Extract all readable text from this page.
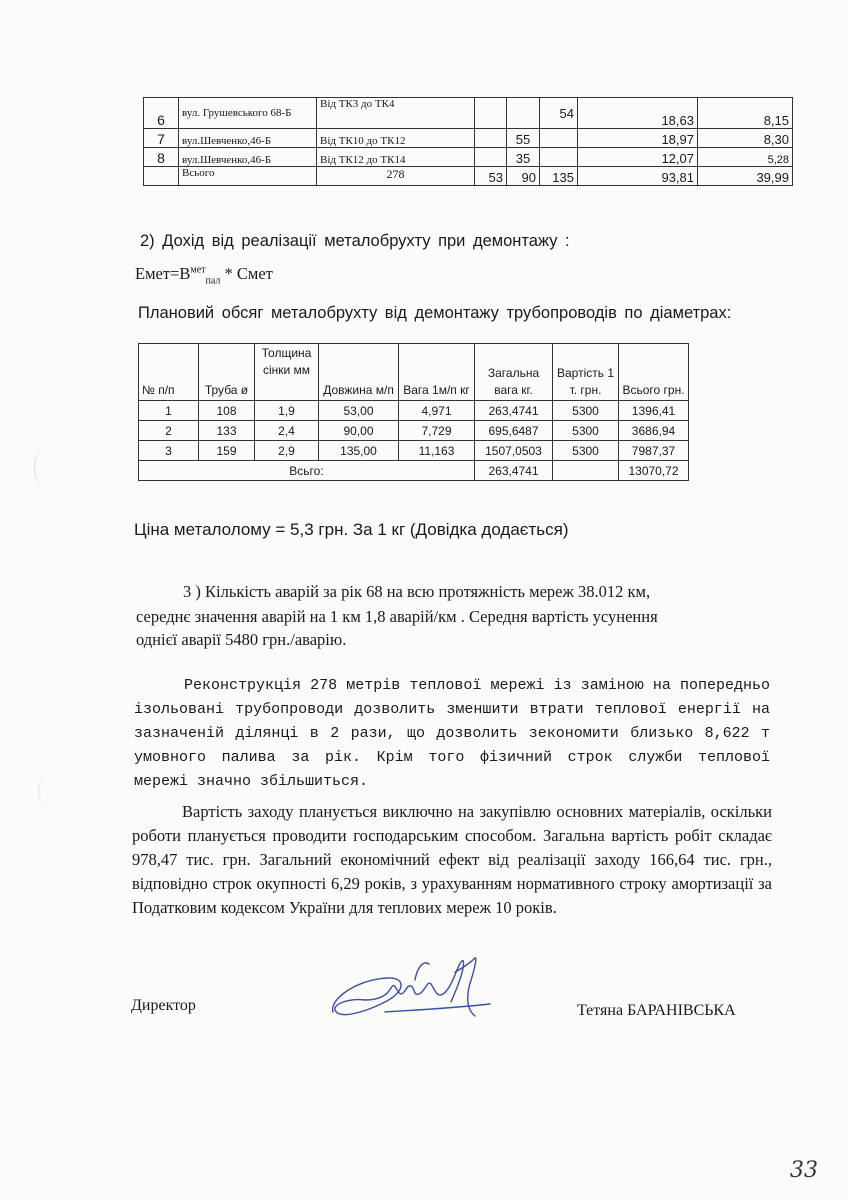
6	вул. Грушевського 68-Б	Від ТК3 до ТК4			54	18,63	8,15
7	вул.Шевченко,46-Б	Від ТК10 до ТК12		55		18,97	8,30
8	вул.Шевченко,46-Б	Від ТК12 до ТК14		35		12,07	5,28
	Всього	278	53	90	135	93,81	39,99
2) Дохід від реалізації металобрухту при демонтажу :
$Емет=В^{мет}_{пал}$ * Смет
Плановий обсяг металобрухту від демонтажу трубопроводів по діаметрах:
№ п/п	Труба ø	Толщина сінки мм	Довжина м/п	Вага 1м/п кг	Загальна вага кг.	Вартість 1 т. грн.	Всього грн.
1	108	1,9	53,00	4,971	263,4741	5300	1396,41
2	133	2,4	90,00	7,729	695,6487	5300	3686,94
3	159	2,9	135,00	11,163	1507,0503	5300	7987,37
Всьго:					263,4741		13070,72
Ціна металолому = 5,3 грн. За 1 кг (Довідка додається)
3 ) Кількість аварій за рік 68 на всю протяжність мереж 38.012 км,
середнє значення аварій на 1 км 1,8 аварій/км . Середня вартість усунення
однієї аварії 5480 грн./аварію.
Реконструкція 278 метрів теплової мережі із заміною на попередньо ізольовані трубопроводи дозволить зменшити втрати теплової енергії на зазначеній ділянці в 2 рази, що дозволить зекономити близько 8,622 т умовного палива за рік. Крім того фізичний строк служби теплової мережі значно збільшиться.
Вартість заходу планується виключно на закупівлю основних матеріалів, оскільки роботи планується проводити господарським способом. Загальна вартість робіт складає 978,47 тис. грн. Загальний економічний ефект від реалізації заходу 166,64 тис. грн., відповідно строк окупності 6,29 років, з урахуванням нормативного строку амортизації за Податковим кодексом України для теплових мереж 10 років.
Директор	Тетяна БАРАНІВСЬКА
33
